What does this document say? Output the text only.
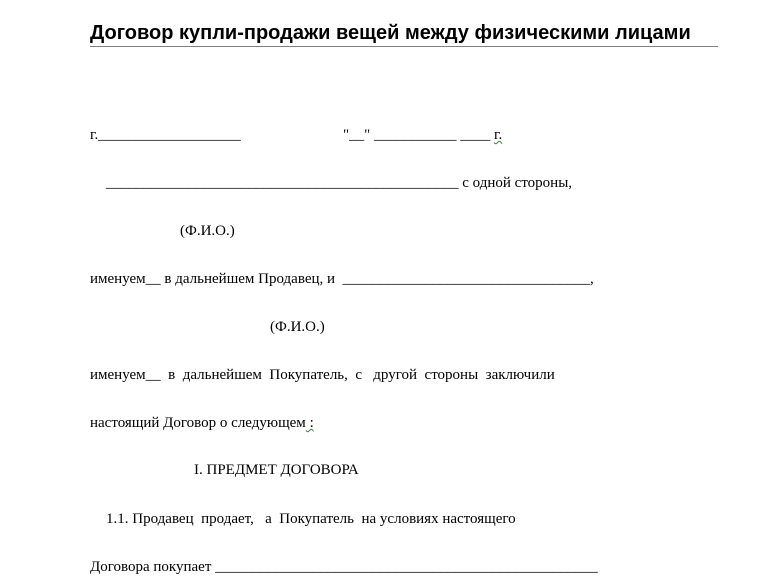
Договор купли-продажи вещей между физическими лицами
г.___________________	"__" ___________ ____ г.
_______________________________________________ с одной стороны,
(Ф.И.О.)
именуем__ в дальнейшем Продавец, и  _________________________________,
(Ф.И.О.)
именуем__  в  дальнейшем  Покупатель,  с   другой  стороны  заключили
настоящий Договор о следующем :
I. ПРЕДМЕТ ДОГОВОРА
1.1. Продавец  продает,   а  Покупатель  на условиях настоящего
Договора покупает ___________________________________________________
